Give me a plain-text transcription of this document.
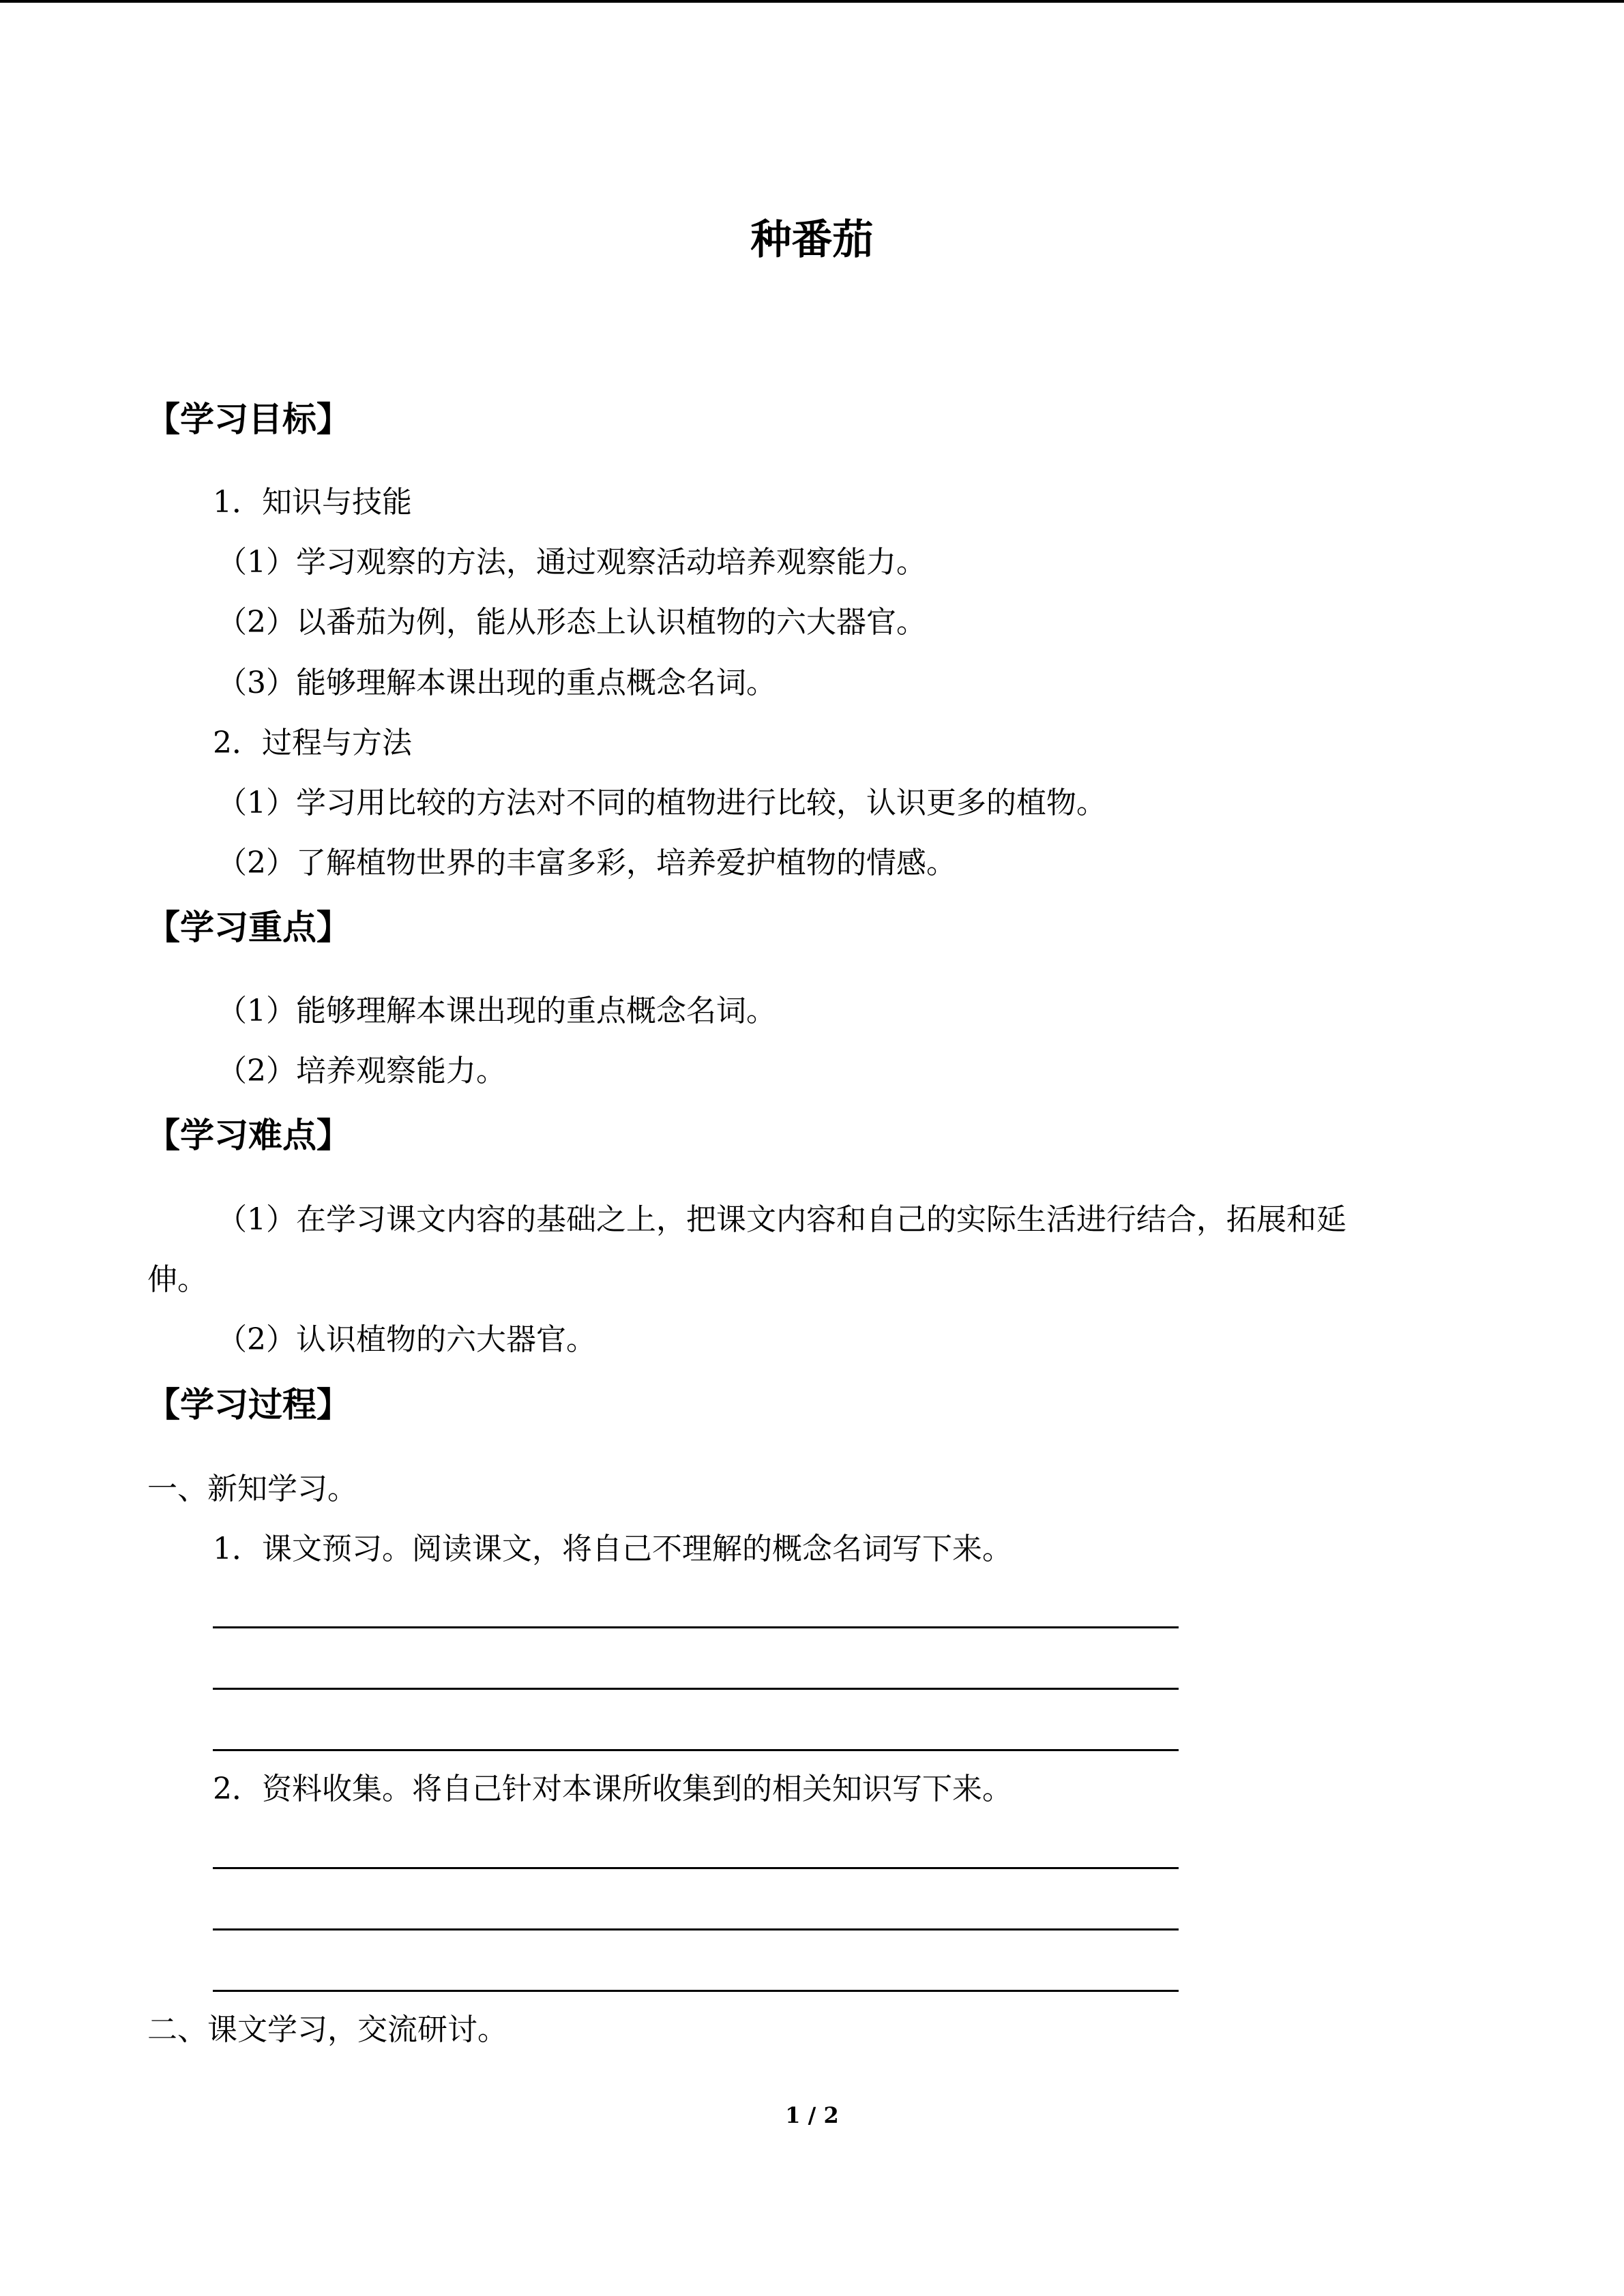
种番茄
【学习目标】
1．知识与技能
（1）学习观察的方法，通过观察活动培养观察能力。
（2）以番茄为例，能从形态上认识植物的六大器官。
（3）能够理解本课出现的重点概念名词。
2．过程与方法
（1）学习用比较的方法对不同的植物进行比较，认识更多的植物。
（2）了解植物世界的丰富多彩，培养爱护植物的情感。
【学习重点】
（1）能够理解本课出现的重点概念名词。
（2）培养观察能力。
【学习难点】
（1）在学习课文内容的基础之上，把课文内容和自己的实际生活进行结合，拓展和延
伸。
（2）认识植物的六大器官。
【学习过程】
一、新知学习。
1．课文预习。阅读课文，将自己不理解的概念名词写下来。
2．资料收集。将自己针对本课所收集到的相关知识写下来。
二、课文学习，交流研讨。
1 / 2
